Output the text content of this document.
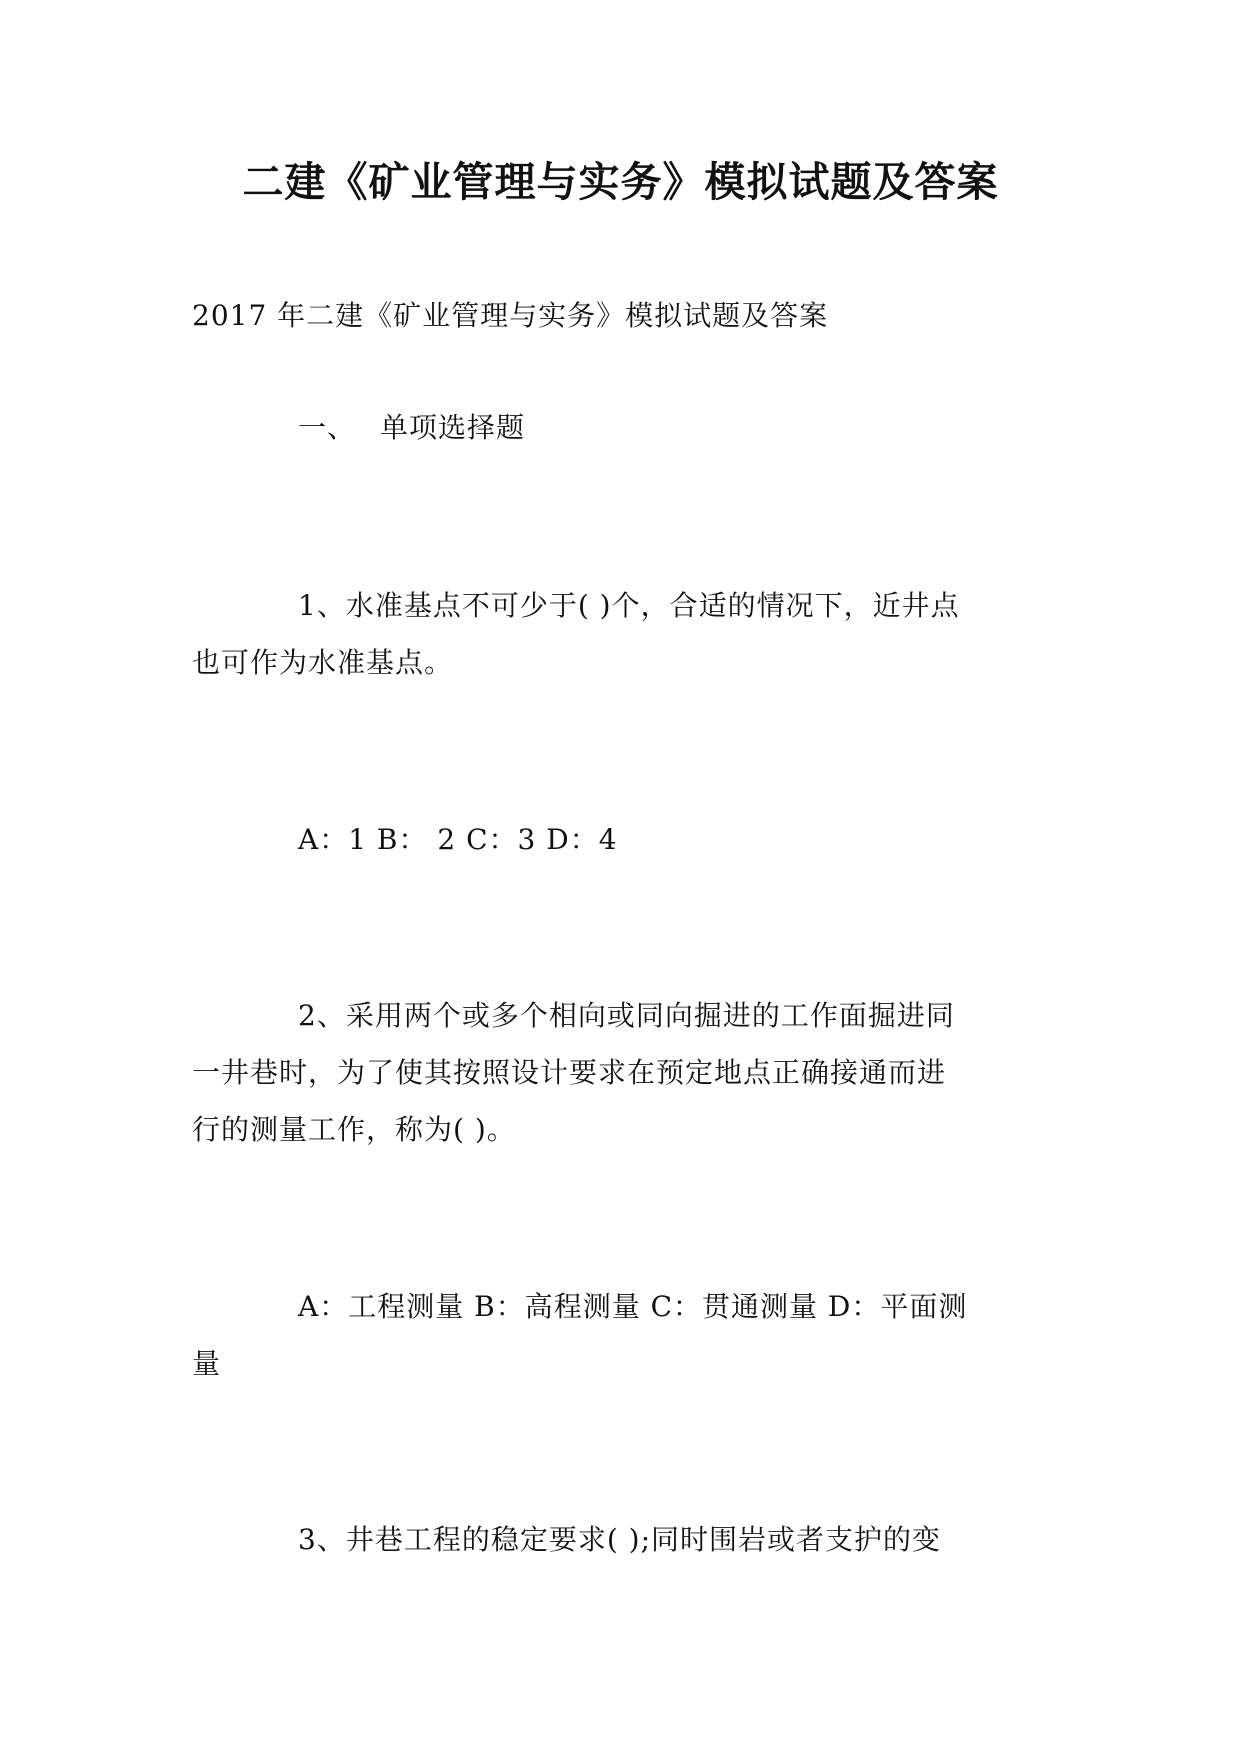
二建《矿业管理与实务》模拟试题及答案
2017 年二建《矿业管理与实务》模拟试题及答案
一、 单项选择题
1、水准基点不可少于( )个，合适的情况下，近井点
也可作为水准基点。
A：1 B： 2 C：3 D：4
2、采用两个或多个相向或同向掘进的工作面掘进同
一井巷时，为了使其按照设计要求在预定地点正确接通而进
行的测量工作，称为( )。
A：工程测量 B：高程测量 C：贯通测量 D：平面测
量
3、井巷工程的稳定要求( );同时围岩或者支护的变
